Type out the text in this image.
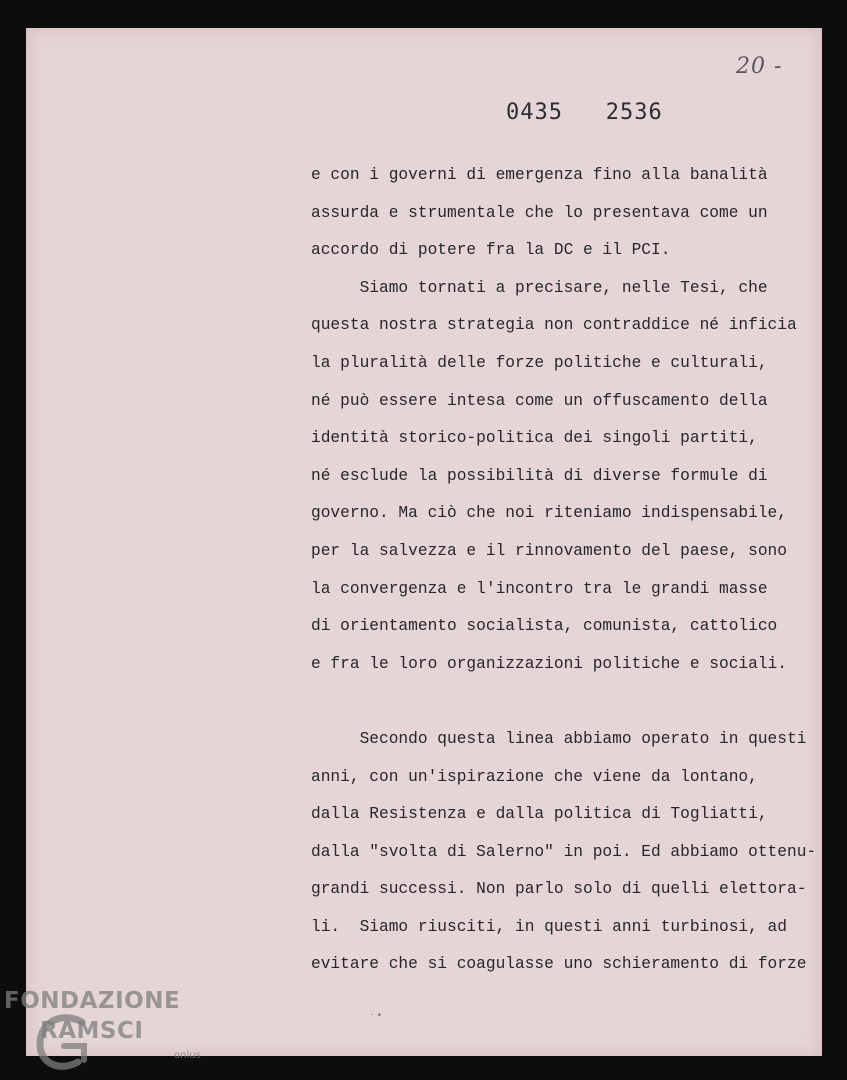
20 -
0435   2536
e con i governi di emergenza fino alla banalità
assurda e strumentale che lo presentava come un
accordo di potere fra la DC e il PCI.
Siamo tornati a precisare, nelle Tesi, che
questa nostra strategia non contraddice né inficia
la pluralità delle forze politiche e culturali,
né può essere intesa come un offuscamento della
identità storico-politica dei singoli partiti,
né esclude la possibilità di diverse formule di
governo. Ma ciò che noi riteniamo indispensabile,
per la salvezza e il rinnovamento del paese, sono
la convergenza e l'incontro tra le grandi masse
di orientamento socialista, comunista, cattolico
e fra le loro organizzazioni politiche e sociali.
Secondo questa linea abbiamo operato in questi
anni, con un'ispirazione che viene da lontano,
dalla Resistenza e dalla politica di Togliatti,
dalla "svolta di Salerno" in poi. Ed abbiamo ottenu-
grandi successi. Non parlo solo di quelli elettora-
li.  Siamo riusciti, in questi anni turbinosi, ad
evitare che si coagulasse uno schieramento di forze
· •
FONDAZIONE
RAMSCI
onlus
